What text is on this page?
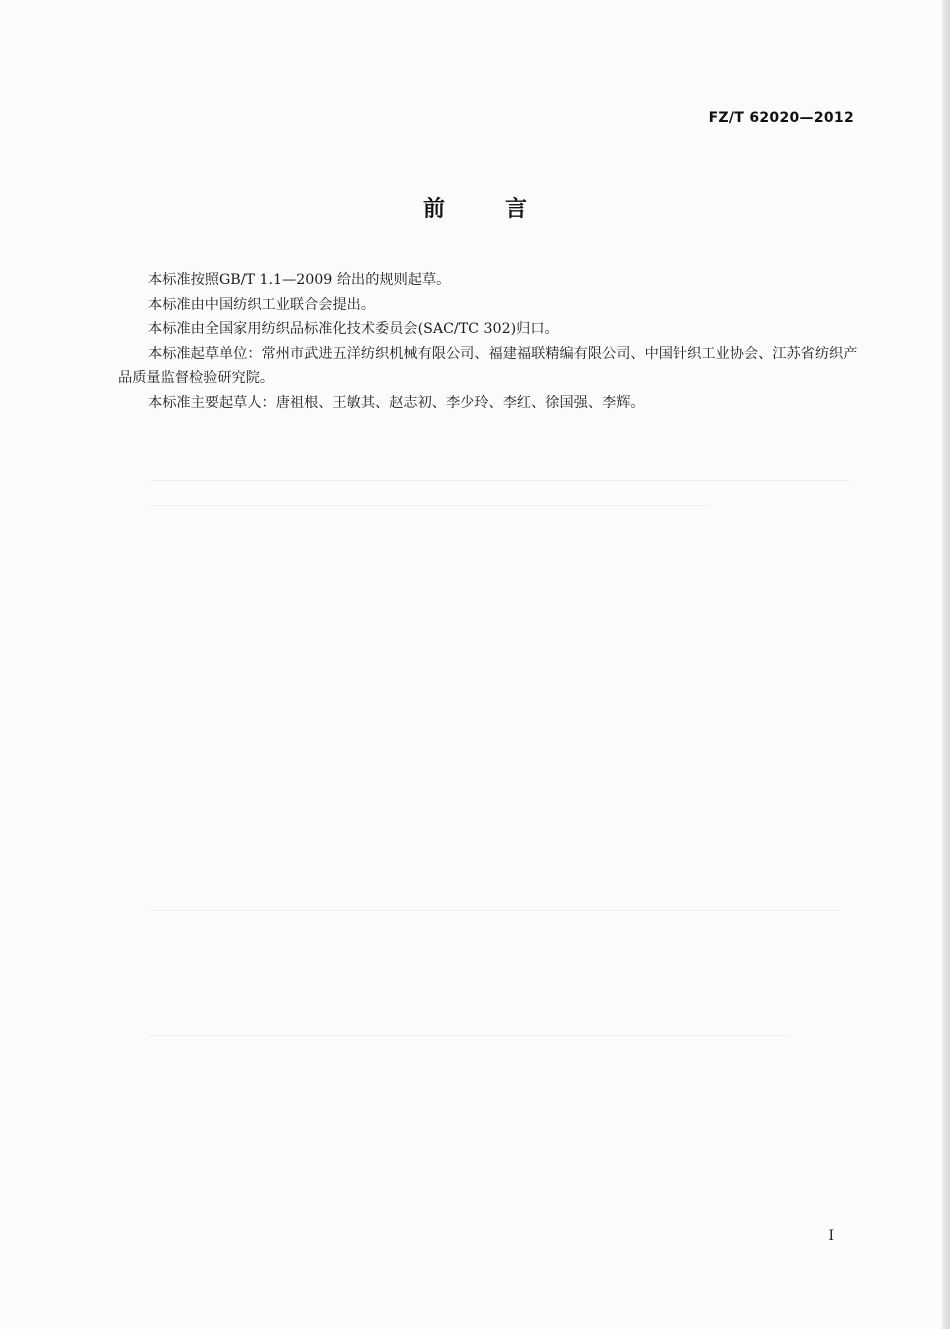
FZ/T 62020—2012
前	言

本标准按照GB/T 1.1—2009 给出的规则起草。

本标准由中国纺织工业联合会提出。

本标准由全国家用纺织品标准化技术委员会(SAC/TC 302)归口。

本标准起草单位：常州市武进五洋纺织机械有限公司、福建福联精编有限公司、中国针织工业协会、江苏省纺织产品质量监督检验研究院。

本标准主要起草人：唐祖根、王敏其、赵志初、李少玲、李红、徐国强、李辉。

I
